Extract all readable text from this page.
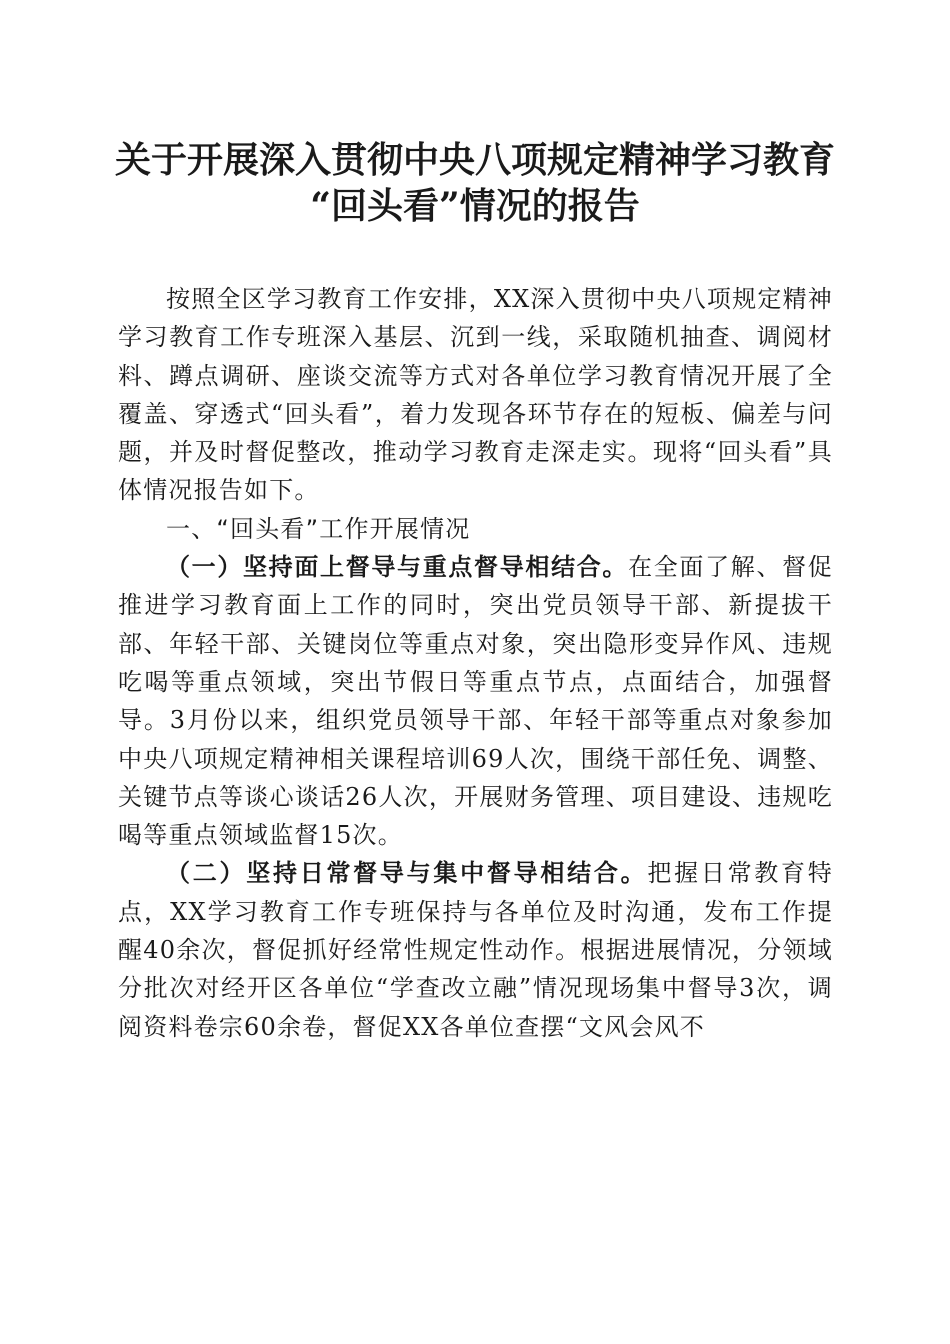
关于开展深入贯彻中央八项规定精神学习教育
“回头看”情况的报告

按照全区学习教育工作安排，XX深入贯彻中央八项规定精神学习教育工作专班深入基层、沉到一线，采取随机抽查、调阅材料、蹲点调研、座谈交流等方式对各单位学习教育情况开展了全覆盖、穿透式“回头看”，着力发现各环节存在的短板、偏差与问题，并及时督促整改，推动学习教育走深走实。现将“回头看”具体情况报告如下。

一、“回头看”工作开展情况

（一）坚持面上督导与重点督导相结合。在全面了解、督促推进学习教育面上工作的同时，突出党员领导干部、新提拔干部、年轻干部、关键岗位等重点对象，突出隐形变异作风、违规吃喝等重点领域，突出节假日等重点节点，点面结合，加强督导。3月份以来，组织党员领导干部、年轻干部等重点对象参加中央八项规定精神相关课程培训69人次，围绕干部任免、调整、关键节点等谈心谈话26人次，开展财务管理、项目建设、违规吃喝等重点领域监督15次。

（二）坚持日常督导与集中督导相结合。把握日常教育特点，XX学习教育工作专班保持与各单位及时沟通，发布工作提醒40余次，督促抓好经常性规定性动作。根据进展情况，分领域分批次对经开区各单位“学查改立融”情况现场集中督导3次，调阅资料卷宗60余卷，督促XX各单位查摆“文风会风不
